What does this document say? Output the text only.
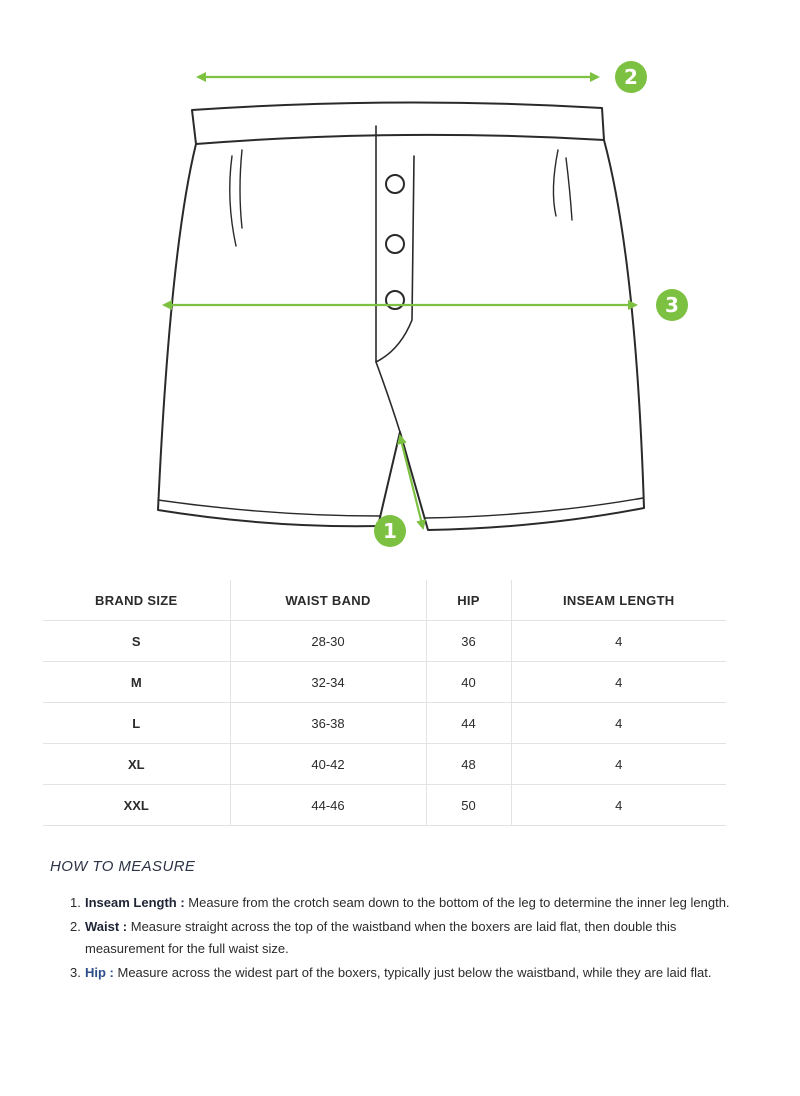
2
3
1
BRAND SIZE	WAIST BAND	HIP	INSEAM LENGTH
S	28-30	36	4
M	32-34	40	4
L	36-38	44	4
XL	40-42	48	4
XXL	44-46	50	4
HOW TO MEASURE
1. Inseam Length : Measure from the crotch seam down to the bottom of the leg to determine the inner leg length.
2. Waist : Measure straight across the top of the waistband when the boxers are laid flat, then double this measurement for the full waist size.
3. Hip : Measure across the widest part of the boxers, typically just below the waistband, while they are laid flat.
